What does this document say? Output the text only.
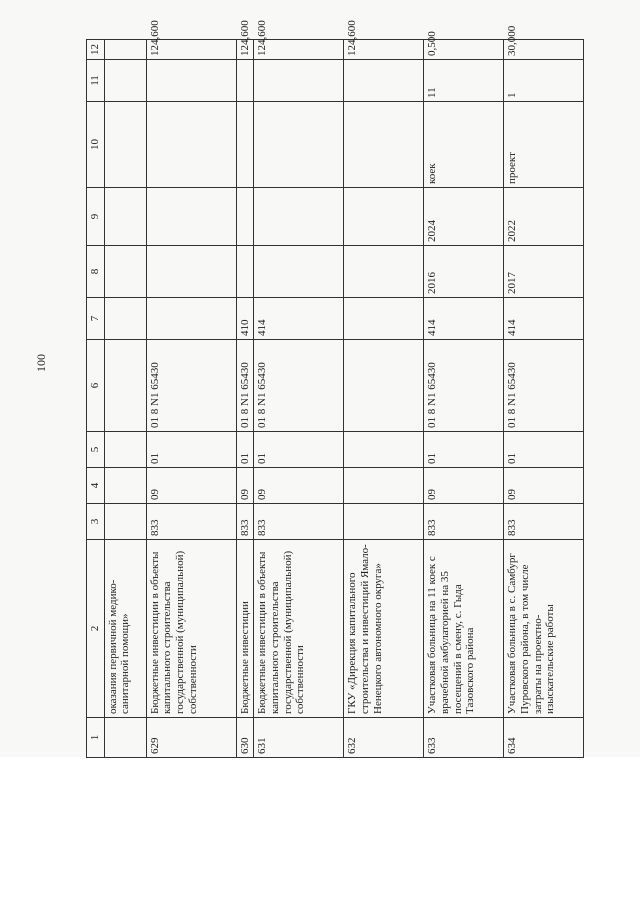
100
1	2	3	4	5	6	7	8	9	10	11	12
	оказания первичной медико-санитарной помощи»										
629	Бюджетные инвестиции в объекты капитального строительства государственной (муниципальной) собственности	833	09	01	01 8 N1 65430						124,600
630	Бюджетные инвестиции	833	09	01	01 8 N1 65430	410					124,600
631	Бюджетные инвестиции в объекты капитального строительства государственной (муниципальной) собственности	833	09	01	01 8 N1 65430	414					124,600
632	ГКУ «Дирекция капитального строительства и инвестиций Ямало-Ненецкого автономного округа»										124,600
633	Участковая больница на 11 коек с врачебной амбулаторией на 35 посещений в смену, с. Гыда Тазовского района	833	09	01	01 8 N1 65430	414	2016	2024	коек	11	0,500
634	Участковая больница в с. Самбург Пуровского района, в том числе затраты на проектно-изыскательские работы	833	09	01	01 8 N1 65430	414	2017	2022	проект	1	30,000
